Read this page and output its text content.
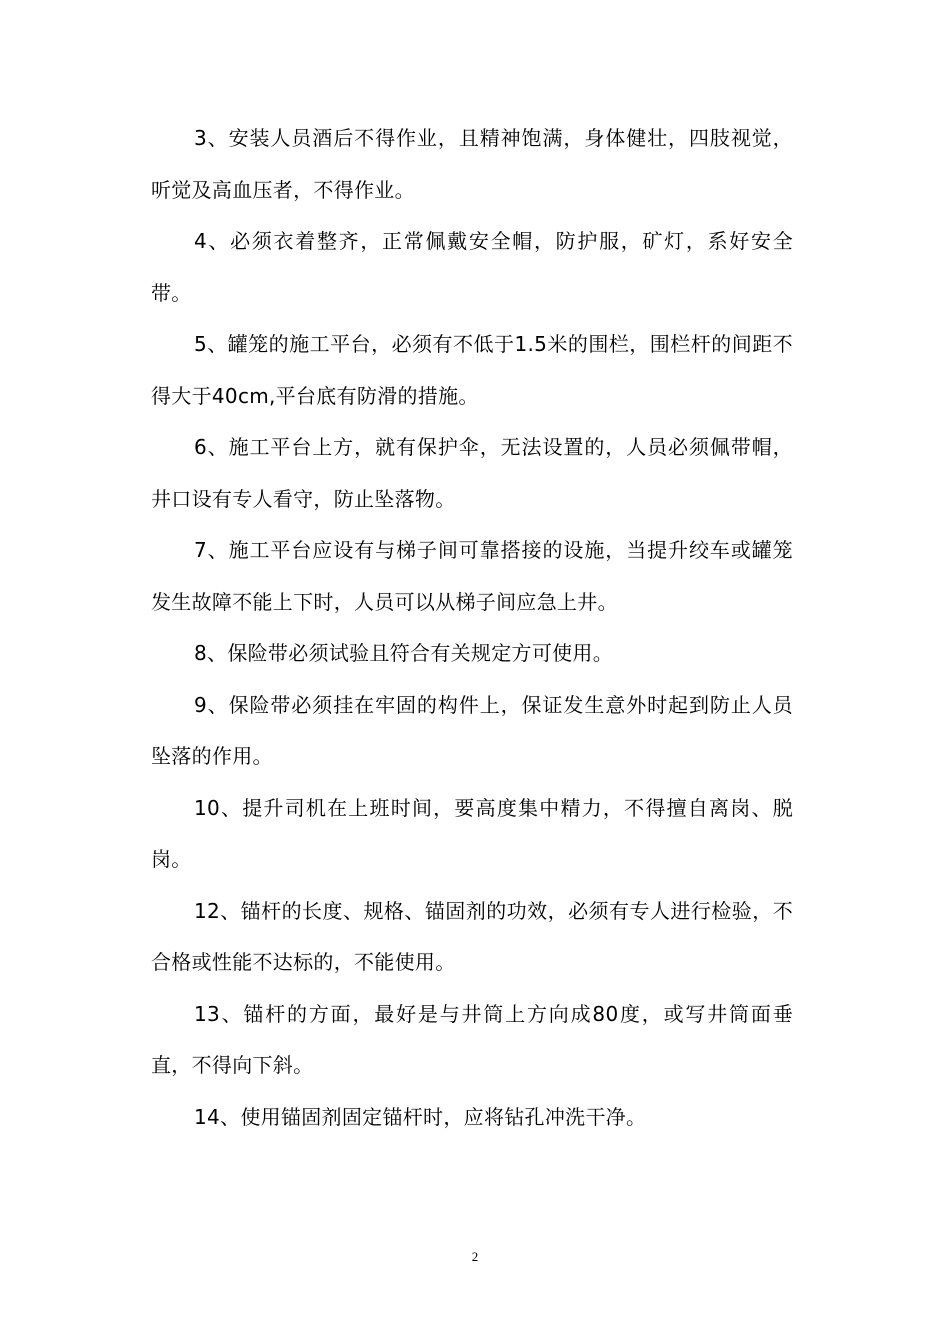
3、安装人员酒后不得作业，且精神饱满，身体健壮，四肢视觉，听觉及高血压者，不得作业。

4、必须衣着整齐，正常佩戴安全帽，防护服，矿灯，系好安全带。

5、罐笼的施工平台，必须有不低于1.5米的围栏，围栏杆的间距不得大于40cm,平台底有防滑的措施。

6、施工平台上方，就有保护伞，无法设置的，人员必须佩带帽，井口设有专人看守，防止坠落物。

7、施工平台应设有与梯子间可靠搭接的设施，当提升绞车或罐笼发生故障不能上下时，人员可以从梯子间应急上井。

8、保险带必须试验且符合有关规定方可使用。

9、保险带必须挂在牢固的构件上，保证发生意外时起到防止人员坠落的作用。

10、提升司机在上班时间，要高度集中精力，不得擅自离岗、脱岗。

12、锚杆的长度、规格、锚固剂的功效，必须有专人进行检验，不合格或性能不达标的，不能使用。

13、锚杆的方面，最好是与井筒上方向成80度，或写井筒面垂直，不得向下斜。

14、使用锚固剂固定锚杆时，应将钻孔冲洗干净。

2
